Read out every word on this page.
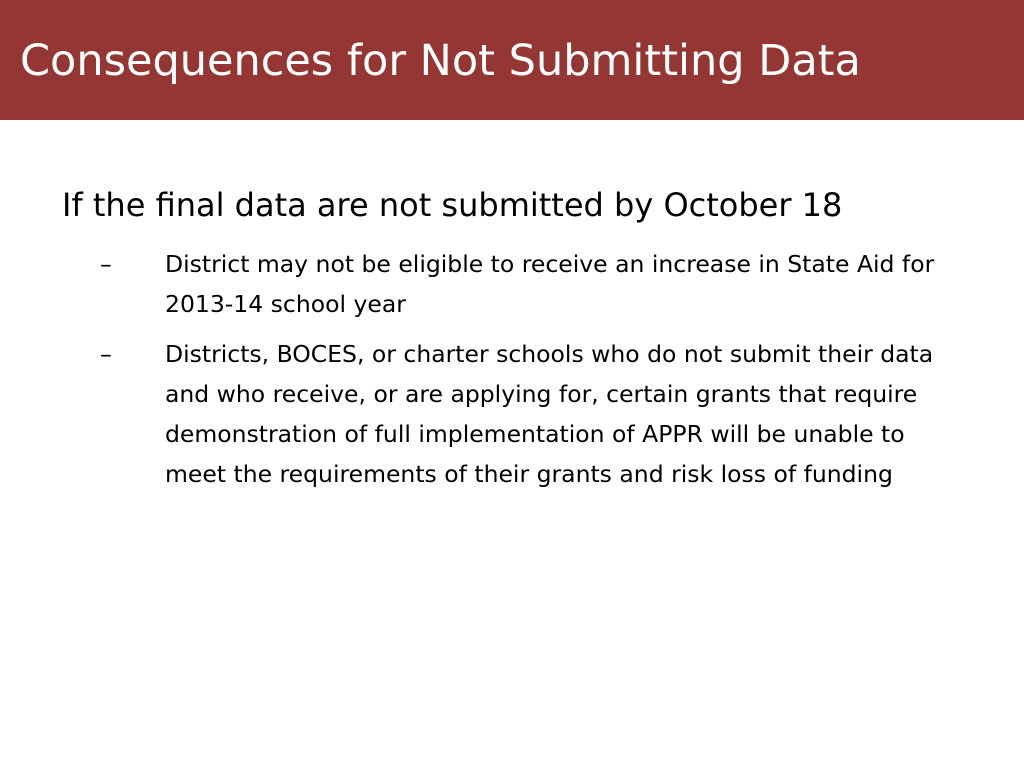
Consequences for Not Submitting Data

If the final data are not submitted by October 18

–	District may not be eligible to receive an increase in State Aid for 2013-14 school year
–	Districts, BOCES, or charter schools who do not submit their data and who receive, or are applying for, certain grants that require demonstration of full implementation of APPR will be unable to meet the requirements of their grants and risk loss of funding
